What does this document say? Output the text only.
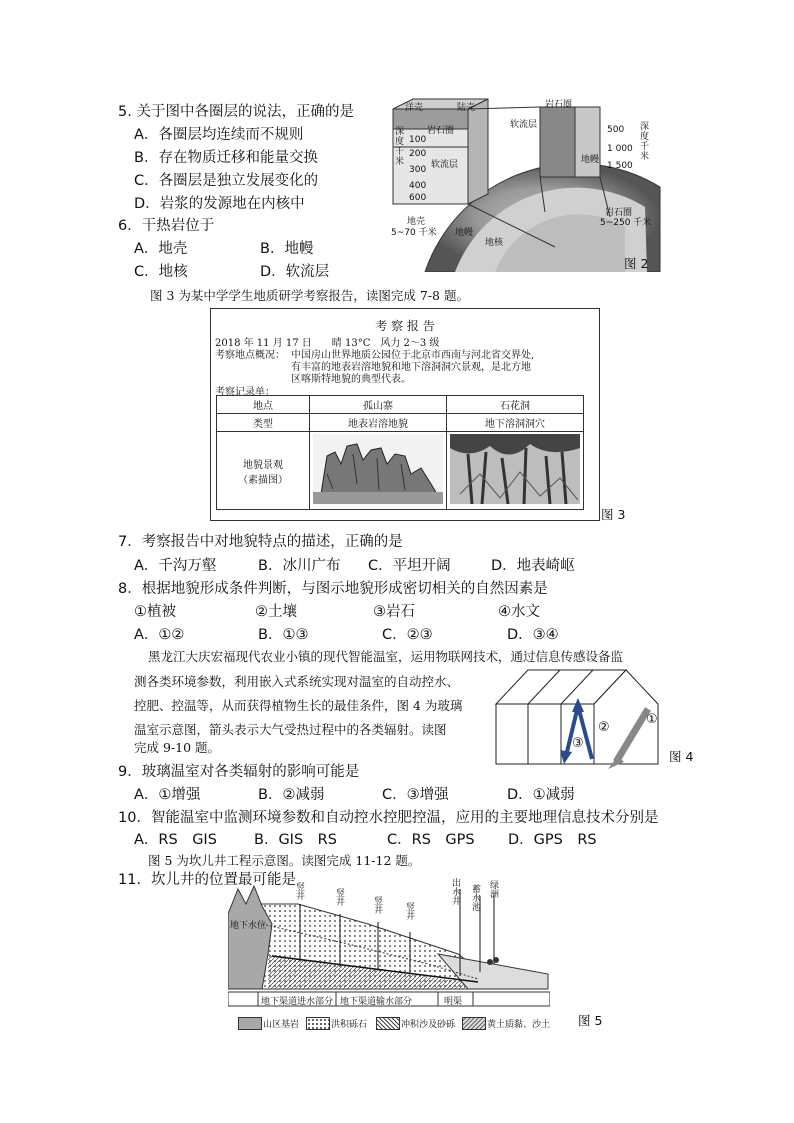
5. 关于图中各圈层的说法，正确的是
A．各圈层均连续而不规则
B．存在物质迁移和能量交换
C．各圈层是独立发展变化的
D．岩浆的发源地在内核中
6．干热岩位于
A．地壳	B．地幔
C．地核	D．软流层
洋壳	陆壳
岩石圈
深度千米
100
200
300
400
600
软流层
岩石圈
软流层	500
1 000
1 500
地幔
深度千米
地壳
5~70 千米 地幔
地核
岩石圈
5~250 千米
图 2
图 3 为某中学学生地质研学考察报告，读图完成 7-8 题。
考 察 报 告
2018 年 11 月 17 日　　晴 13°C　风力 2～3 级
考察地点概况： 中国房山世界地质公园位于北京市西南与河北省交界处,
有丰富的地表岩溶地貌和地下溶洞洞穴景观，是北方地
区喀斯特地貌的典型代表。
考察记录单：
地点	孤山寨	石花洞
类型	地表岩溶地貌	地下溶洞洞穴

地貌景观
（素描图）

图 3
7．考察报告中对地貌特点的描述，正确的是
A．千沟万壑	B．冰川广布 C．平坦开阔	D．地表崎岖
8．根据地貌形成条件判断，与图示地貌形成密切相关的自然因素是
①植被	②土壤	③岩石	④水文
A．①②	B．①③	C．②③	D．③④
黑龙江大庆宏福现代农业小镇的现代智能温室，运用物联网技术，通过信息传感设备监
测各类环境参数，利用嵌入式系统实现对温室的自动控水、
控肥、控温等，从而获得植物生长的最佳条件，图 4 为玻璃
温室示意图，箭头表示大气受热过程中的各类辐射。读图
完成 9-10 题。
①
②
③
图 4
9．玻璃温室对各类辐射的影响可能是
A．①增强	B．②减弱	C．③增强	D．①减弱
10．智能温室中监测环境参数和自动控水控肥控温，应用的主要地理信息技术分别是
A．RS　GIS	B．GIS　RS	C．RS　GPS D．GPS　RS
图 5 为坎儿井工程示意图。读图完成 11-12 题。
11．坎儿井的位置最可能是
地下水位
竖井	竖井	竖井	竖井
出水井
蓄水池
绿洲
地下渠道进水部分 地下渠道输水部分	明渠
山区基岩	洪积砾石	冲积沙及砂砾	黄土质黏、沙土 图 5
